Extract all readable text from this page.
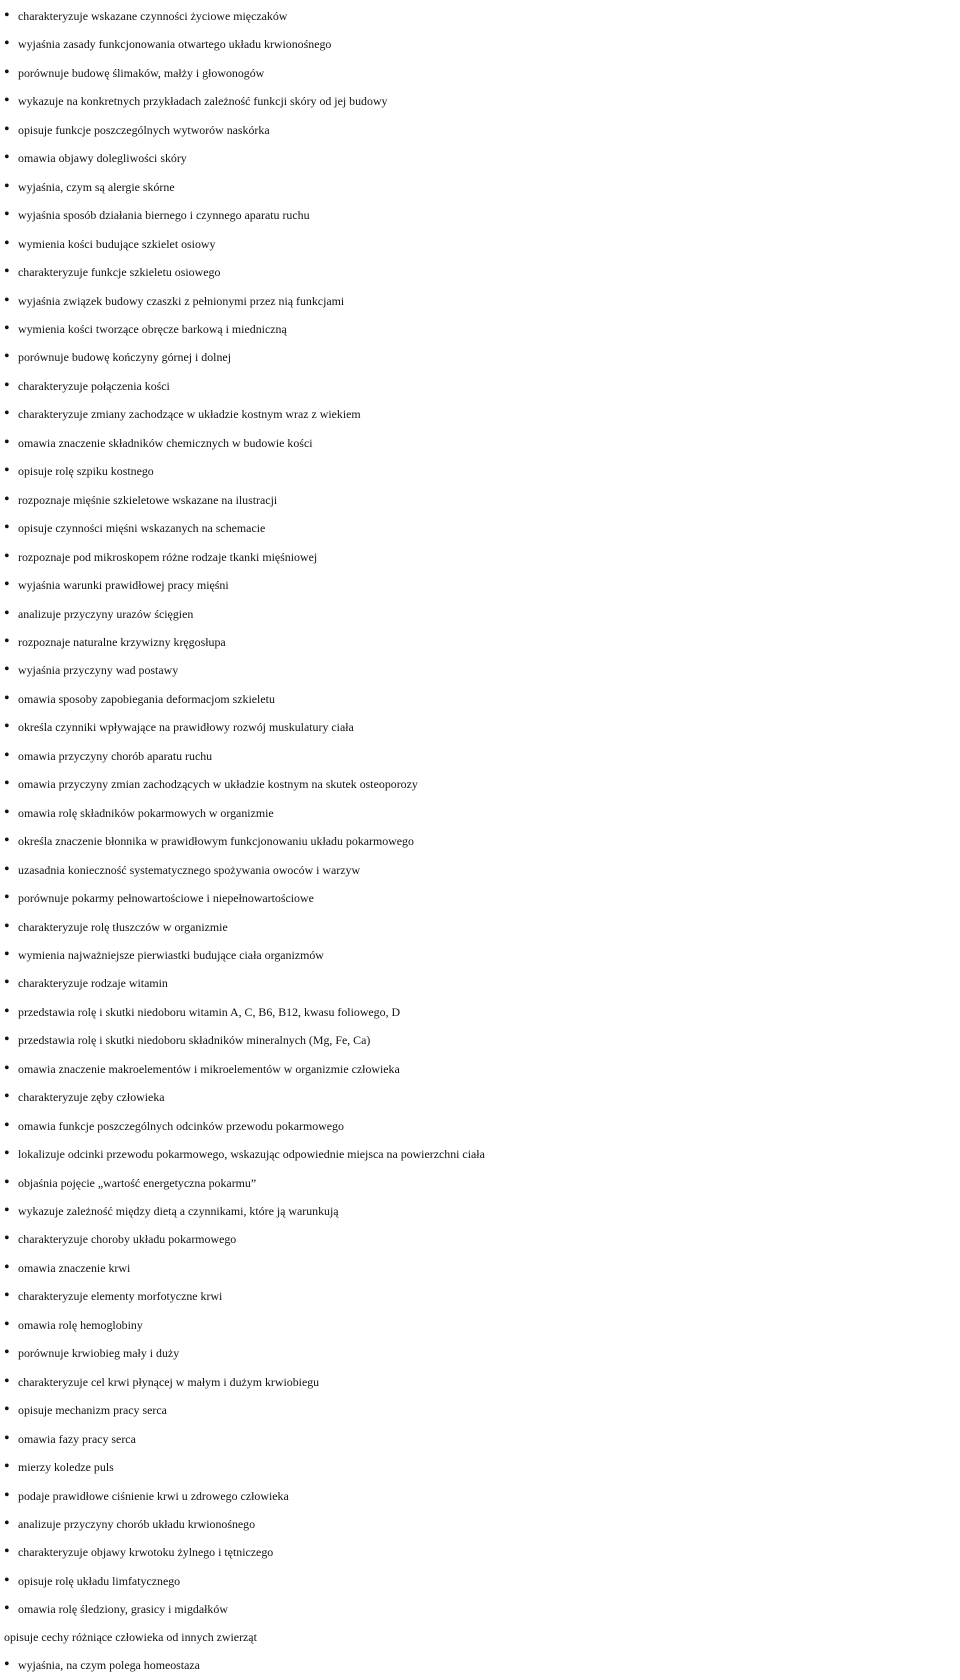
• charakteryzuje wskazane czynności życiowe mięczaków
• wyjaśnia zasady funkcjonowania otwartego układu krwionośnego
• porównuje budowę ślimaków, małży i głowonogów
• wykazuje na konkretnych przykładach zależność funkcji skóry od jej budowy
• opisuje funkcje poszczególnych wytworów naskórka
• omawia objawy dolegliwości skóry
• wyjaśnia, czym są alergie skórne
• wyjaśnia sposób działania biernego i czynnego aparatu ruchu
• wymienia kości budujące szkielet osiowy
• charakteryzuje funkcje szkieletu osiowego
• wyjaśnia związek budowy czaszki z pełnionymi przez nią funkcjami
• wymienia kości tworzące obręcze barkową i miedniczną
• porównuje budowę kończyny górnej i dolnej
• charakteryzuje połączenia kości
• charakteryzuje zmiany zachodzące w układzie kostnym wraz z wiekiem
• omawia znaczenie składników chemicznych w budowie kości
• opisuje rolę szpiku kostnego
• rozpoznaje mięśnie szkieletowe wskazane na ilustracji
• opisuje czynności mięśni wskazanych na schemacie
• rozpoznaje pod mikroskopem różne rodzaje tkanki mięśniowej
• wyjaśnia warunki prawidłowej pracy mięśni
• analizuje przyczyny urazów ścięgien
• rozpoznaje naturalne krzywizny kręgosłupa
• wyjaśnia przyczyny wad postawy
• omawia sposoby zapobiegania deformacjom szkieletu
• określa czynniki wpływające na prawidłowy rozwój muskulatury ciała
• omawia przyczyny chorób aparatu ruchu
• omawia przyczyny zmian zachodzących w układzie kostnym na skutek osteoporozy
• omawia rolę składników pokarmowych w organizmie
• określa znaczenie błonnika w prawidłowym funkcjonowaniu układu pokarmowego
• uzasadnia konieczność systematycznego spożywania owoców i warzyw
• porównuje pokarmy pełnowartościowe i niepełnowartościowe
• charakteryzuje rolę tłuszczów w organizmie
• wymienia najważniejsze pierwiastki budujące ciała organizmów
• charakteryzuje rodzaje witamin
• przedstawia rolę i skutki niedoboru witamin A, C, B6, B12, kwasu foliowego, D
• przedstawia rolę i skutki niedoboru składników mineralnych (Mg, Fe, Ca)
• omawia znaczenie makroelementów i mikroelementów w organizmie człowieka
• charakteryzuje zęby człowieka
• omawia funkcje poszczególnych odcinków przewodu pokarmowego
• lokalizuje odcinki przewodu pokarmowego, wskazując odpowiednie miejsca na powierzchni ciała
• objaśnia pojęcie „wartość energetyczna pokarmu”
• wykazuje zależność między dietą a czynnikami, które ją warunkują
• charakteryzuje choroby układu pokarmowego
• omawia znaczenie krwi
• charakteryzuje elementy morfotyczne krwi
• omawia rolę hemoglobiny
• porównuje krwiobieg mały i duży
• charakteryzuje cel krwi płynącej w małym i dużym krwiobiegu
• opisuje mechanizm pracy serca
• omawia fazy pracy serca
• mierzy koledze puls
• podaje prawidłowe ciśnienie krwi u zdrowego człowieka
• analizuje przyczyny chorób układu krwionośnego
• charakteryzuje objawy krwotoku żylnego i tętniczego
• opisuje rolę układu limfatycznego
• omawia rolę śledziony, grasicy i migdałków
opisuje cechy różniące człowieka od innych zwierząt
• wyjaśnia, na czym polega homeostaza
